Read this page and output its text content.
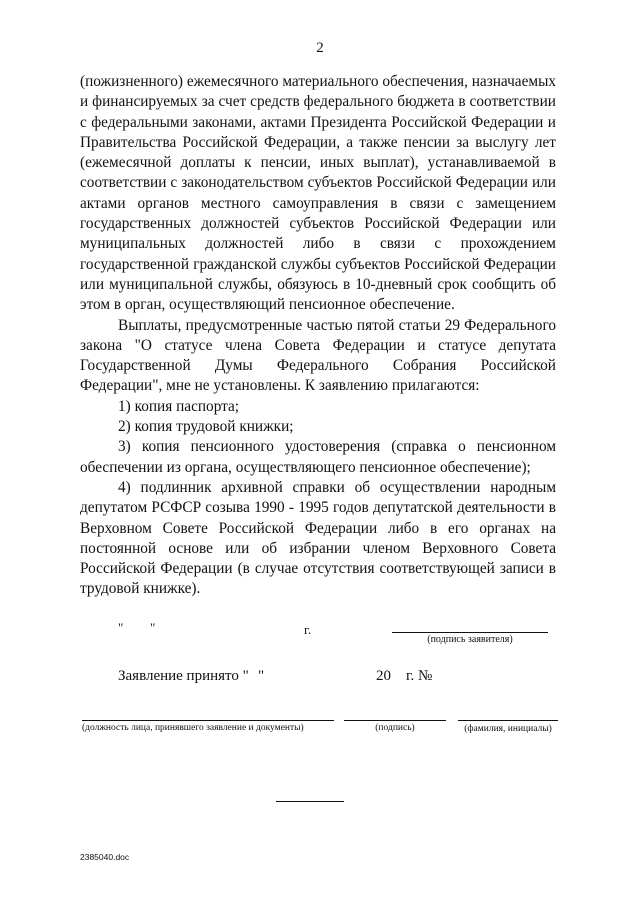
2

(пожизненного) ежемесячного материального обеспечения, назначаемых и финансируемых за счет средств федерального бюджета в соответствии с федеральными законами, актами Президента Российской Федерации и Правительства Российской Федерации, а также пенсии за выслугу лет (ежемесячной доплаты к пенсии, иных выплат), устанавливаемой в соответствии с законодательством субъектов Российской Федерации или актами органов местного самоуправления в связи с замещением государственных должностей субъектов Российской Федерации или муниципальных должностей либо в связи с прохождением государственной гражданской службы субъектов Российской Федерации или муниципальной службы, обязуюсь в 10-дневный срок сообщить об этом в орган, осуществляющий пенсионное обеспечение.

Выплаты, предусмотренные частью пятой статьи 29 Федерального закона "О статусе члена Совета Федерации и статусе депутата Государственной Думы Федерального Собрания Российской Федерации", мне не установлены. К заявлению прилагаются:

1) копия паспорта;

2) копия трудовой книжки;

3) копия пенсионного удостоверения (справка о пенсионном обеспечении из органа, осуществляющего пенсионное обеспечение);

4) подлинник архивной справки об осуществлении народным депутатом РСФСР созыва 1990 - 1995 годов депутатской деятельности в Верховном Совете Российской Федерации либо в его органах на постоянной основе или об избрании членом Верховного Совета Российской Федерации (в случае отсутствия соответствующей записи в трудовой книжке).

" "	г.
(подпись заявителя)
Заявление принято " "	20    г. №
(должность лица, принявшего заявление и документы)	(подпись)	(фамилия, инициалы)
2385040.doc
